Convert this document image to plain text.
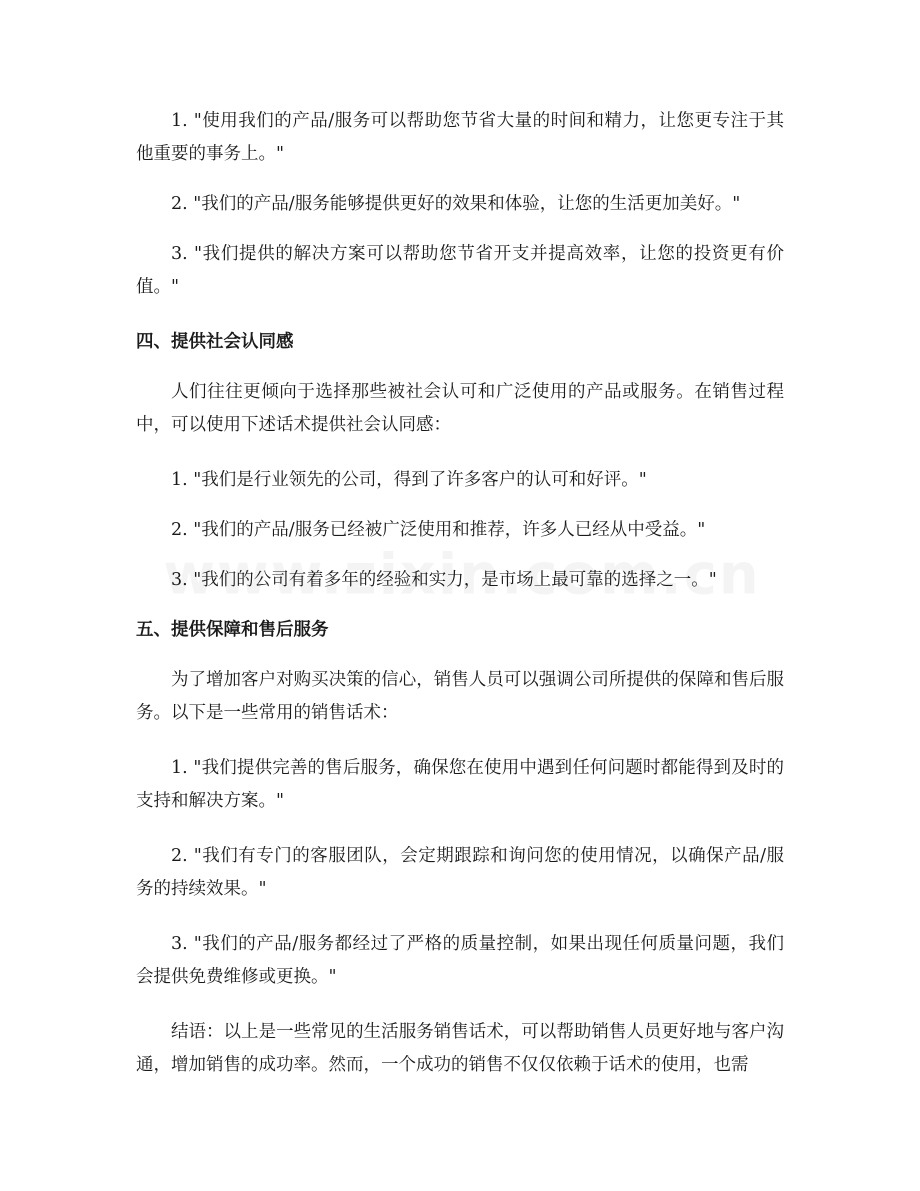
1. "使用我们的产品/服务可以帮助您节省大量的时间和精力，让您更专注于其他重要的事务上。"

2. "我们的产品/服务能够提供更好的效果和体验，让您的生活更加美好。"

3. "我们提供的解决方案可以帮助您节省开支并提高效率，让您的投资更有价值。"

四、提供社会认同感

人们往往更倾向于选择那些被社会认可和广泛使用的产品或服务。在销售过程中，可以使用下述话术提供社会认同感：

1. "我们是行业领先的公司，得到了许多客户的认可和好评。"

2. "我们的产品/服务已经被广泛使用和推荐，许多人已经从中受益。"

3. "我们的公司有着多年的经验和实力，是市场上最可靠的选择之一。"

五、提供保障和售后服务

为了增加客户对购买决策的信心，销售人员可以强调公司所提供的保障和售后服务。以下是一些常用的销售话术：

1. "我们提供完善的售后服务，确保您在使用中遇到任何问题时都能得到及时的支持和解决方案。"

2. "我们有专门的客服团队，会定期跟踪和询问您的使用情况，以确保产品/服务的持续效果。"

3. "我们的产品/服务都经过了严格的质量控制，如果出现任何质量问题，我们会提供免费维修或更换。"

结语：以上是一些常见的生活服务销售话术，可以帮助销售人员更好地与客户沟通，增加销售的成功率。然而，一个成功的销售不仅仅依赖于话术的使用，也需
